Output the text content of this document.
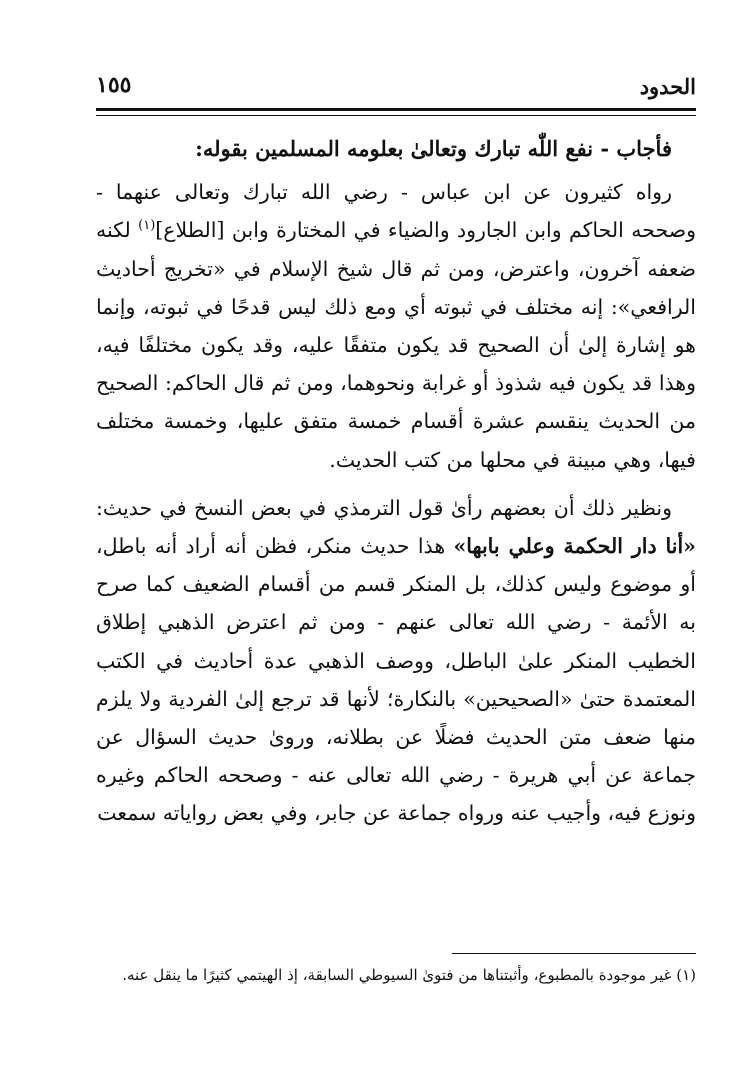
الحدود
١٥٥

فأجاب - نفع اللّٰه تبارك وتعالىٰ بعلومه المسلمين بقوله:

رواه كثيرون عن ابن عباس - رضي الله تبارك وتعالى عنهما - وصححه الحاكم وابن الجارود والضياء في المختارة وابن [الطلاع]$^{(١)}$ لكنه ضعفه آخرون، واعترض، ومن ثم قال شيخ الإسلام في «تخريج أحاديث الرافعي»: إنه مختلف في ثبوته أي ومع ذلك ليس قدحًا في ثبوته، وإنما هو إشارة إلىٰ أن الصحيح قد يكون متفقًا عليه، وقد يكون مختلفًا فيه، وهذا قد يكون فيه شذوذ أو غرابة ونحوهما، ومن ثم قال الحاكم: الصحيح من الحديث ينقسم عشرة أقسام خمسة متفق عليها، وخمسة مختلف فيها، وهي مبينة في محلها من كتب الحديث.

ونظير ذلك أن بعضهم رأىٰ قول الترمذي في بعض النسخ في حديث: «أنا دار الحكمة وعلي بابها» هذا حديث منكر، فظن أنه أراد أنه باطل، أو موضوع وليس كذلك، بل المنكر قسم من أقسام الضعيف كما صرح به الأئمة - رضي الله تعالى عنهم - ومن ثم اعترض الذهبي إطلاق الخطيب المنكر علىٰ الباطل، ووصف الذهبي عدة أحاديث في الكتب المعتمدة حتىٰ «الصحيحين» بالنكارة؛ لأنها قد ترجع إلىٰ الفردية ولا يلزم منها ضعف متن الحديث فضلًا عن بطلانه، ورویٰ حديث السؤال عن جماعة عن أبي هريرة - رضي الله تعالى عنه - وصححه الحاكم وغيره ونوزع فيه، وأجيب عنه ورواه جماعة عن جابر، وفي بعض رواياته سمعت

(١) غير موجودة بالمطبوع، وأثبتناها من فتوىٰ السيوطي السابقة، إذ الهيتمي كثيرًا ما ينقل عنه.
